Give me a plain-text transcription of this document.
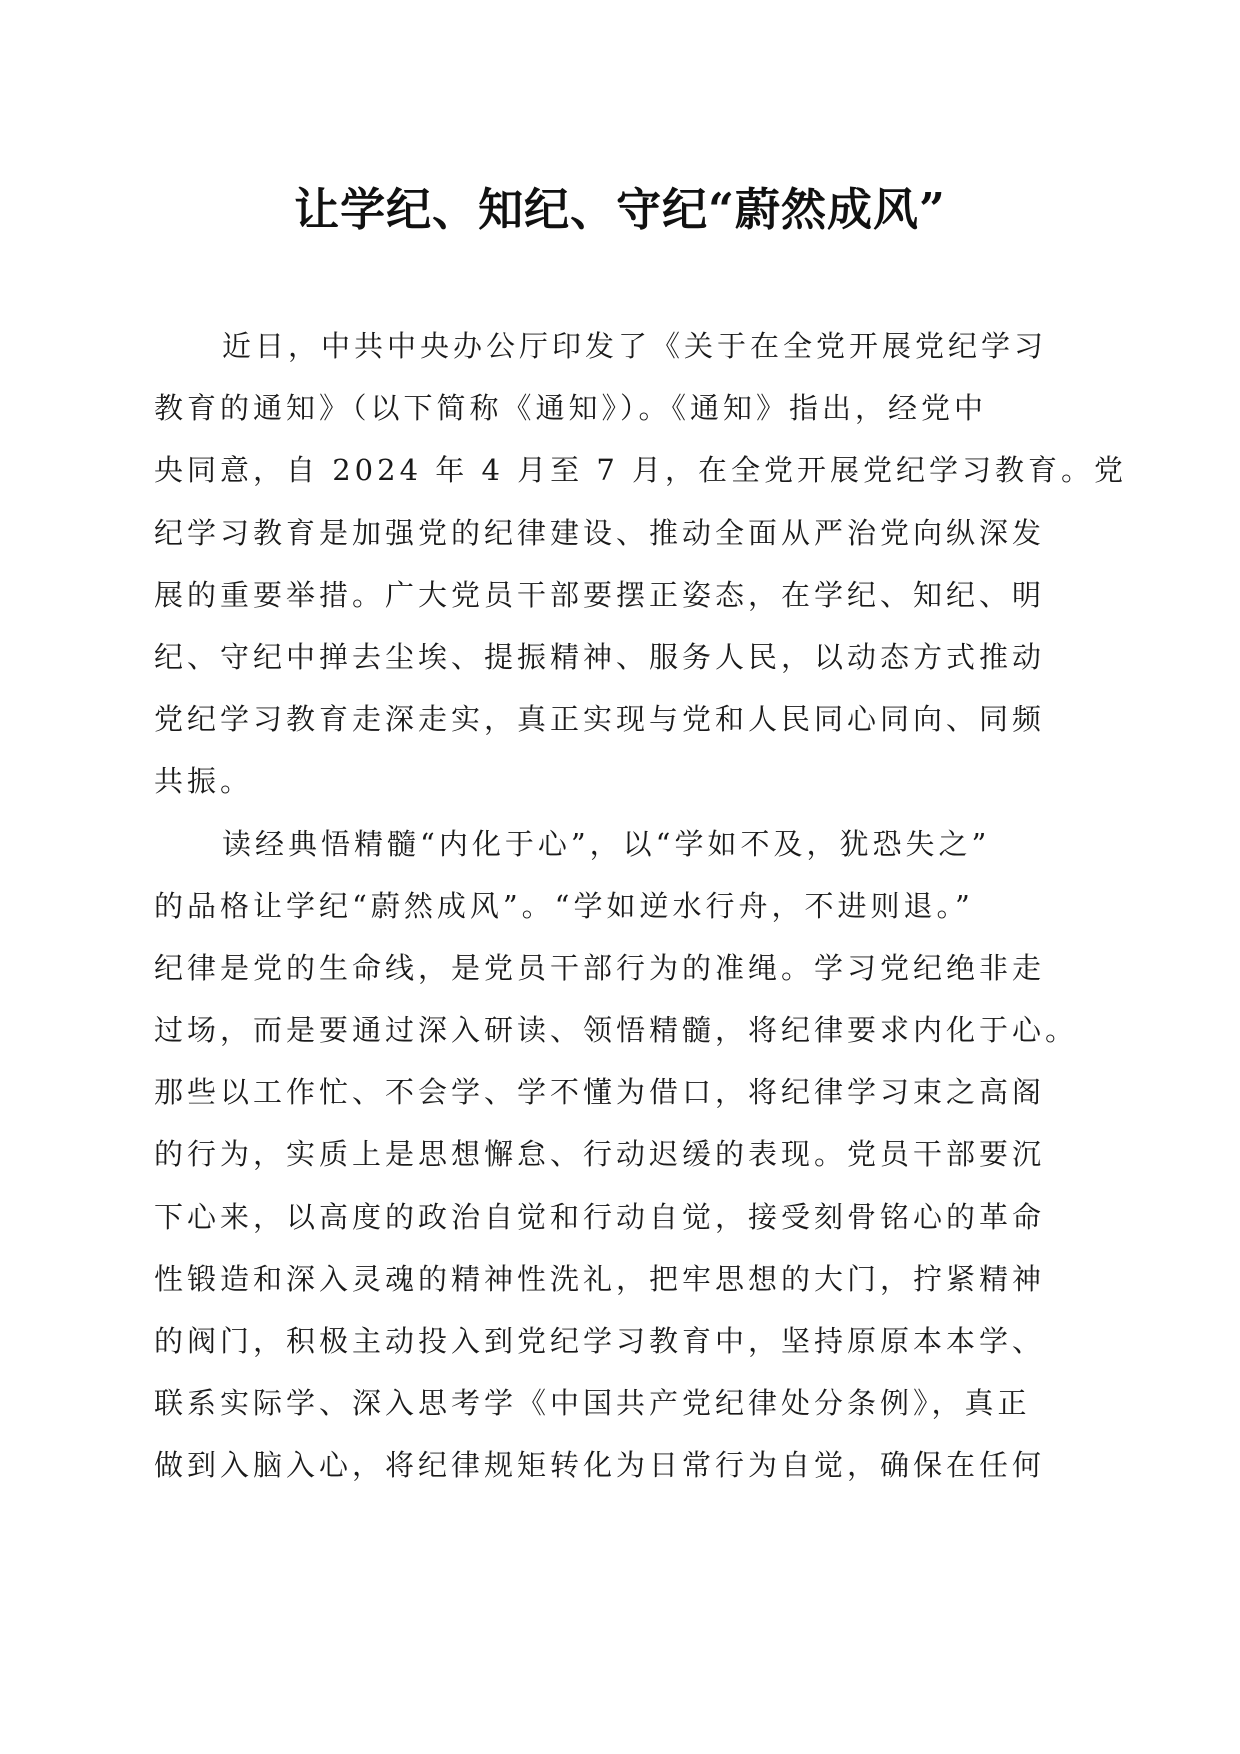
让学纪、知纪、守纪“蔚然成风”
近日，中共中央办公厅印发了《关于在全党开展党纪学习
教育的通知》（以下简称《通知》）。《通知》指出，经党中
央同意，自 2024 年 4 月至 7 月，在全党开展党纪学习教育。党
纪学习教育是加强党的纪律建设、推动全面从严治党向纵深发
展的重要举措。广大党员干部要摆正姿态，在学纪、知纪、明
纪、守纪中掸去尘埃、提振精神、服务人民，以动态方式推动
党纪学习教育走深走实，真正实现与党和人民同心同向、同频
共振。
读经典悟精髓“内化于心”，以“学如不及，犹恐失之”
的品格让学纪“蔚然成风”。“学如逆水行舟，不进则退。”
纪律是党的生命线，是党员干部行为的准绳。学习党纪绝非走
过场，而是要通过深入研读、领悟精髓，将纪律要求内化于心。
那些以工作忙、不会学、学不懂为借口，将纪律学习束之高阁
的行为，实质上是思想懈怠、行动迟缓的表现。党员干部要沉
下心来，以高度的政治自觉和行动自觉，接受刻骨铭心的革命
性锻造和深入灵魂的精神性洗礼，把牢思想的大门，拧紧精神
的阀门，积极主动投入到党纪学习教育中，坚持原原本本学、
联系实际学、深入思考学《中国共产党纪律处分条例》，真正
做到入脑入心，将纪律规矩转化为日常行为自觉，确保在任何
